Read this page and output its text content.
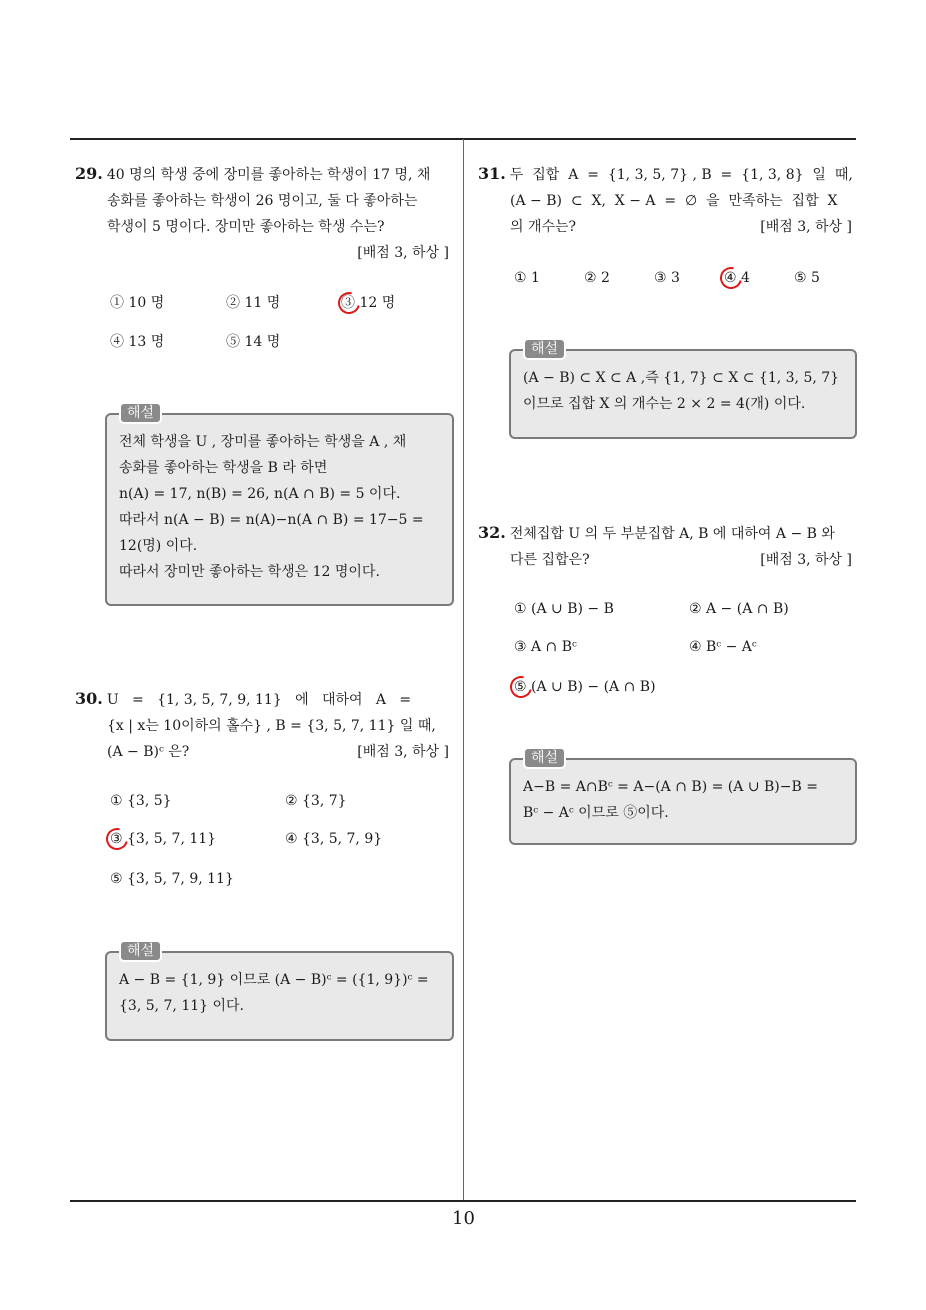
29. 40 명의 학생 중에 장미를 좋아하는 학생이 17 명, 채
송화를 좋아하는 학생이 26 명이고, 둘 다 좋아하는
학생이 5 명이다. 장미만 좋아하는 학생 수는?
[배점 3, 하상 ]
① 10 명	② 11 명	③ 12 명
④ 13 명	⑤ 14 명
해설
전체 학생을 U , 장미를 좋아하는 학생을 A , 채
송화를 좋아하는 학생을 B 라 하면
n(A) = 17, n(B) = 26, n(A ∩ B) = 5 이다.
따라서 n(A − B) = n(A)−n(A ∩ B) = 17−5 =
12(명) 이다.
따라서 장미만 좋아하는 학생은 12 명이다.
30. U   =   {1, 3, 5, 7, 9, 11}   에   대하여   A   =
{x | x는 10이하의 홀수} , B = {3, 5, 7, 11} 일 때,
(A − B)ᶜ 은?	[배점 3, 하상 ]
① {3, 5}	② {3, 7}
③ {3, 5, 7, 11}	④ {3, 5, 7, 9}
⑤ {3, 5, 7, 9, 11}
해설
A − B = {1, 9} 이므로 (A − B)ᶜ = ({1, 9})ᶜ =
{3, 5, 7, 11} 이다.
31. 두  집합  A  =  {1, 3, 5, 7} , B  =  {1, 3, 8}  일  때,
(A − B)  ⊂  X,  X − A  =  ∅  을  만족하는  집합  X
의 개수는?	[배점 3, 하상 ]
① 1	② 2	③ 3	④ 4	⑤ 5
해설
(A − B) ⊂ X ⊂ A ,즉 {1, 7} ⊂ X ⊂ {1, 3, 5, 7}
이므로 집합 X 의 개수는 2 × 2 = 4(개) 이다.
32. 전체집합 U 의 두 부분집합 A, B 에 대하여 A − B 와
다른 집합은?	[배점 3, 하상 ]
① (A ∪ B) − B	② A − (A ∩ B)
③ A ∩ Bᶜ	④ Bᶜ − Aᶜ
⑤ (A ∪ B) − (A ∩ B)
해설
A−B = A∩Bᶜ = A−(A ∩ B) = (A ∪ B)−B =
Bᶜ − Aᶜ 이므로 ⑤이다.
10
